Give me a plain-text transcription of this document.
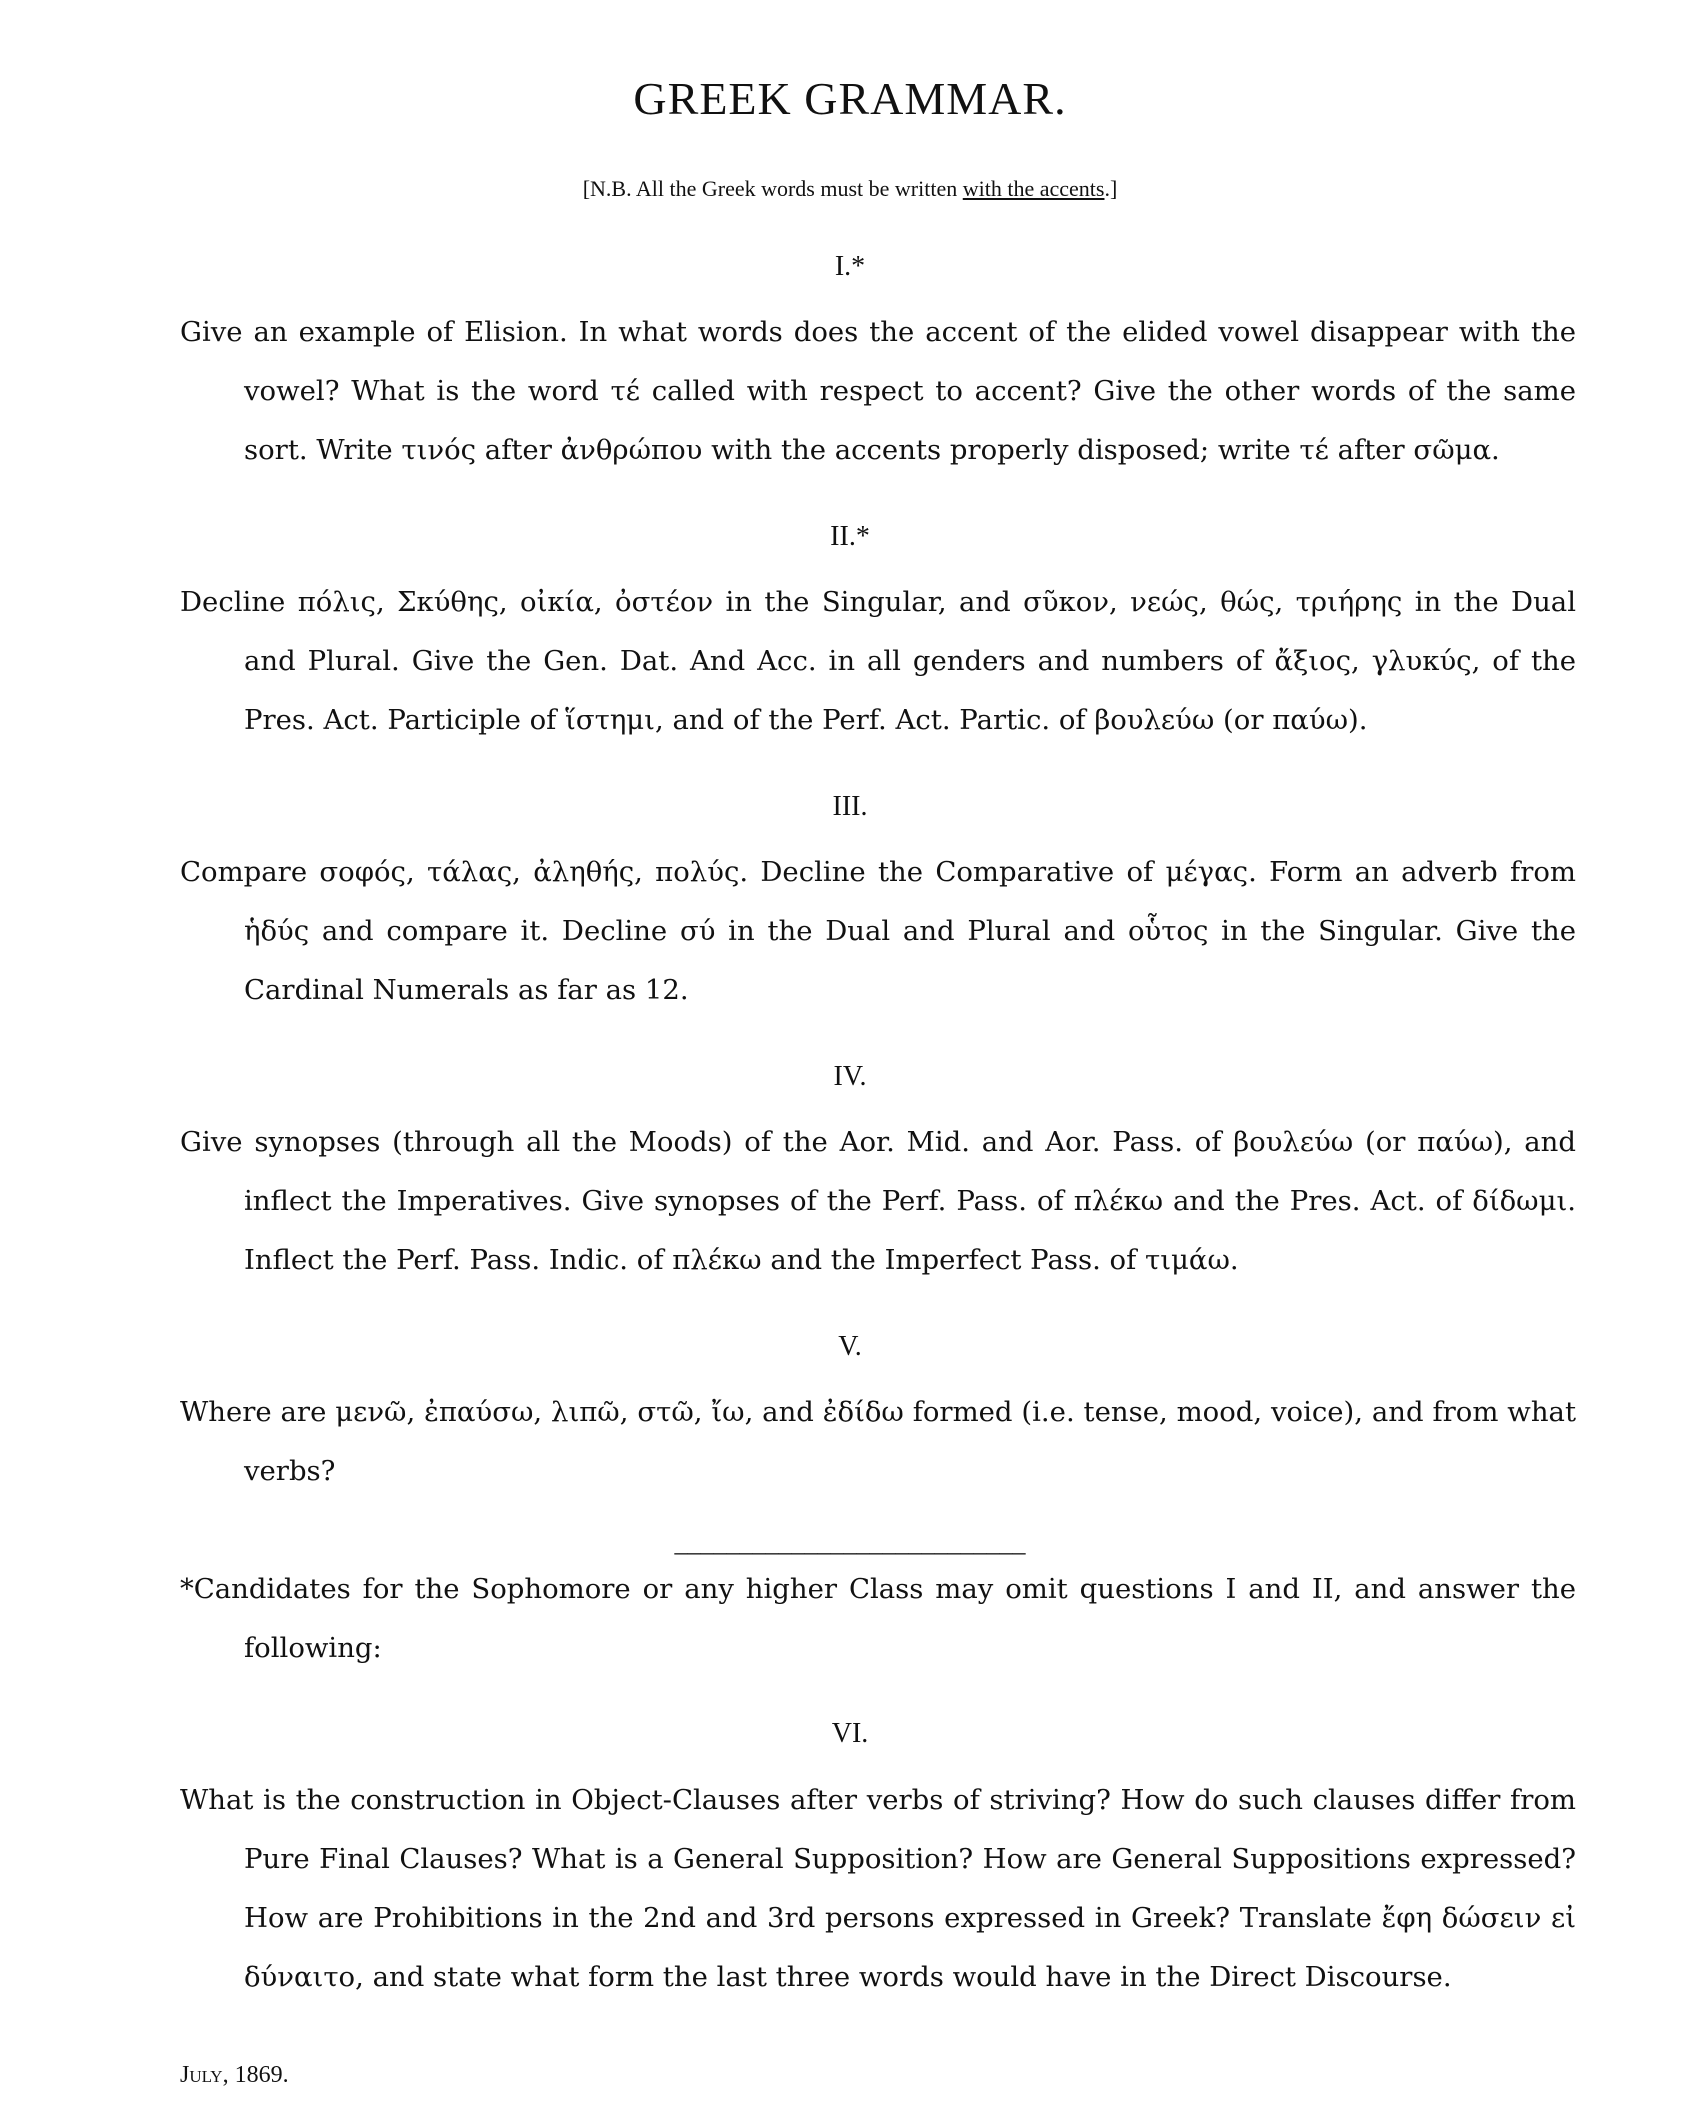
GREEK GRAMMAR.
[N.B. All the Greek words must be written with the accents.]
I.*

Give an example of Elision. In what words does the accent of the elided vowel disappear with the vowel? What is the word τέ called with respect to accent? Give the other words of the same sort. Write τινός after ἀνθρώπου with the accents properly disposed; write τέ after σῶμα.

II.*

Decline πόλις, Σκύθης, οἰκία, ὀστέον in the Singular, and σῦκον, νεώς, θώς, τριήρης in the Dual and Plural. Give the Gen. Dat. And Acc. in all genders and numbers of ἄξιος, γλυκύς, of the Pres. Act. Participle of ἵστημι, and of the Perf. Act. Partic. of βουλεύω (or παύω).

III.

Compare σοφός, τάλας, ἀληθής, πολύς. Decline the Comparative of μέγας. Form an adverb from ἡδύς and compare it. Decline σύ in the Dual and Plural and οὗτος in the Singular. Give the Cardinal Numerals as far as 12.

IV.

Give synopses (through all the Moods) of the Aor. Mid. and Aor. Pass. of βουλεύω (or παύω), and inflect the Imperatives. Give synopses of the Perf. Pass. of πλέκω and the Pres. Act. of δίδωμι. Inflect the Perf. Pass. Indic. of πλέκω and the Imperfect Pass. of τιμάω.

V.

Where are μενῶ, ἐπαύσω, λιπῶ, στῶ, ἴω, and ἐδίδω formed (i.e. tense, mood, voice), and from what verbs?

___________________________

*Candidates for the Sophomore or any higher Class may omit questions I and II, and answer the following:

VI.

What is the construction in Object-Clauses after verbs of striving? How do such clauses differ from Pure Final Clauses? What is a General Supposition? How are General Suppositions expressed? How are Prohibitions in the 2nd and 3rd persons expressed in Greek? Translate ἔφη δώσειν εἰ δύναιτο, and state what form the last three words would have in the Direct Discourse.

July, 1869.
